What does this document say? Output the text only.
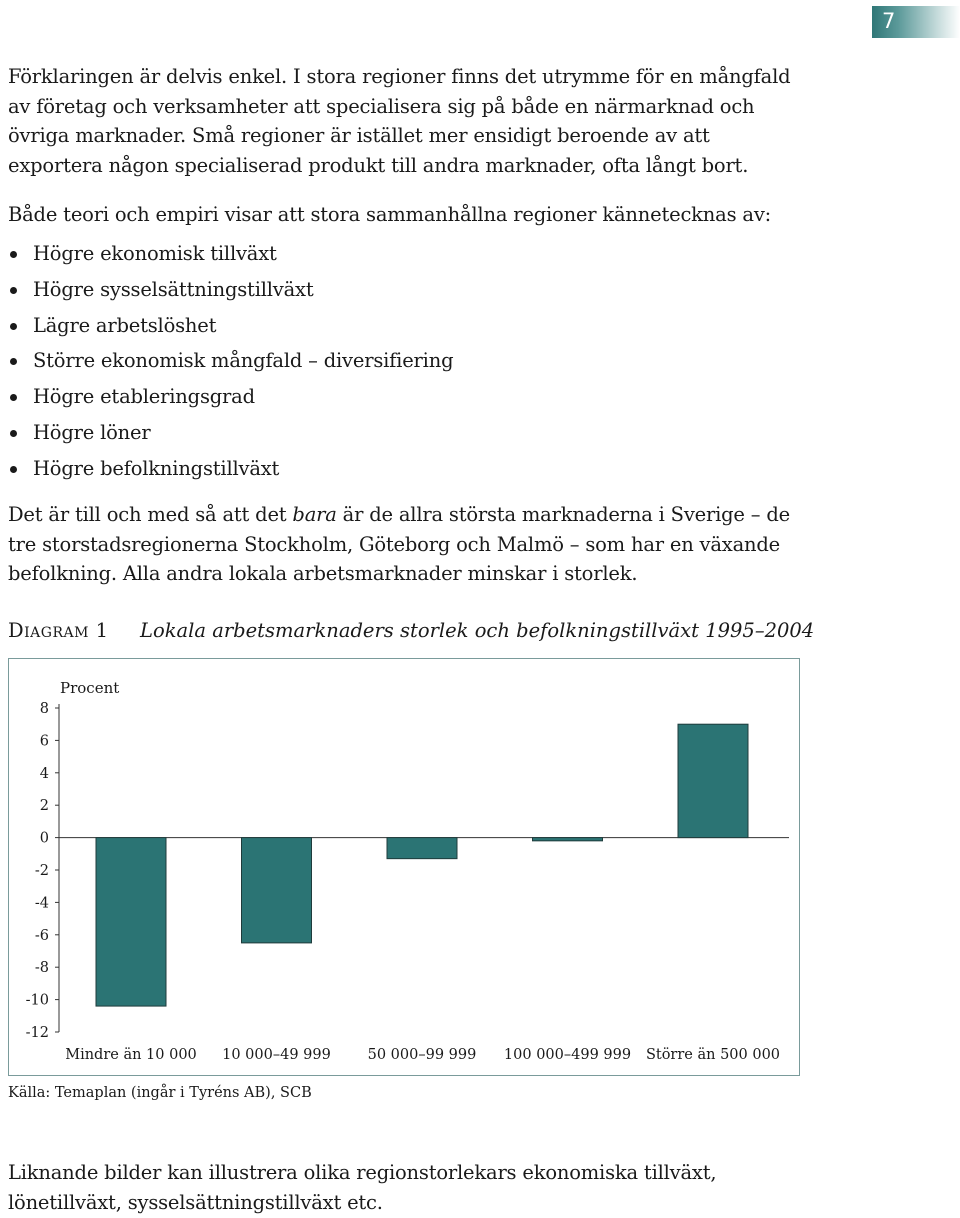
7

Förklaringen är delvis enkel. I stora regioner finns det utrymme för en mångfald av företag och verksamheter att specialisera sig på både en närmarknad och övriga marknader. Små regioner är istället mer ensidigt beroende av att exportera någon specialiserad produkt till andra marknader, ofta långt bort.

Både teori och empiri visar att stora sammanhållna regioner kännetecknas av:

Högre ekonomisk tillväxt
Högre sysselsättningstillväxt
Lägre arbetslöshet
Större ekonomisk mångfald – diversifiering
Högre etableringsgrad
Högre löner
Högre befolkningstillväxt

Det är till och med så att det bara är de allra största marknaderna i Sverige – de tre storstadsregionerna Stockholm, Göteborg och Malmö – som har en växande befolkning. Alla andra lokala arbetsmarknader minskar i storlek.

Diagram 1 Lokala arbetsmarknaders storlek och befolkningstillväxt 1995–2004
8
6
4
2
0
-2
-4
-6
-8
-10
-12
Procent
Mindre än 10 000 10 000–49 999	50 000–99 999 100 000–499 999 Större än 500 000
Källa: Temaplan (ingår i Tyréns AB), SCB

Liknande bilder kan illustrera olika regionstorlekars ekonomiska tillväxt, lönetillväxt, sysselsättningstillväxt etc.
